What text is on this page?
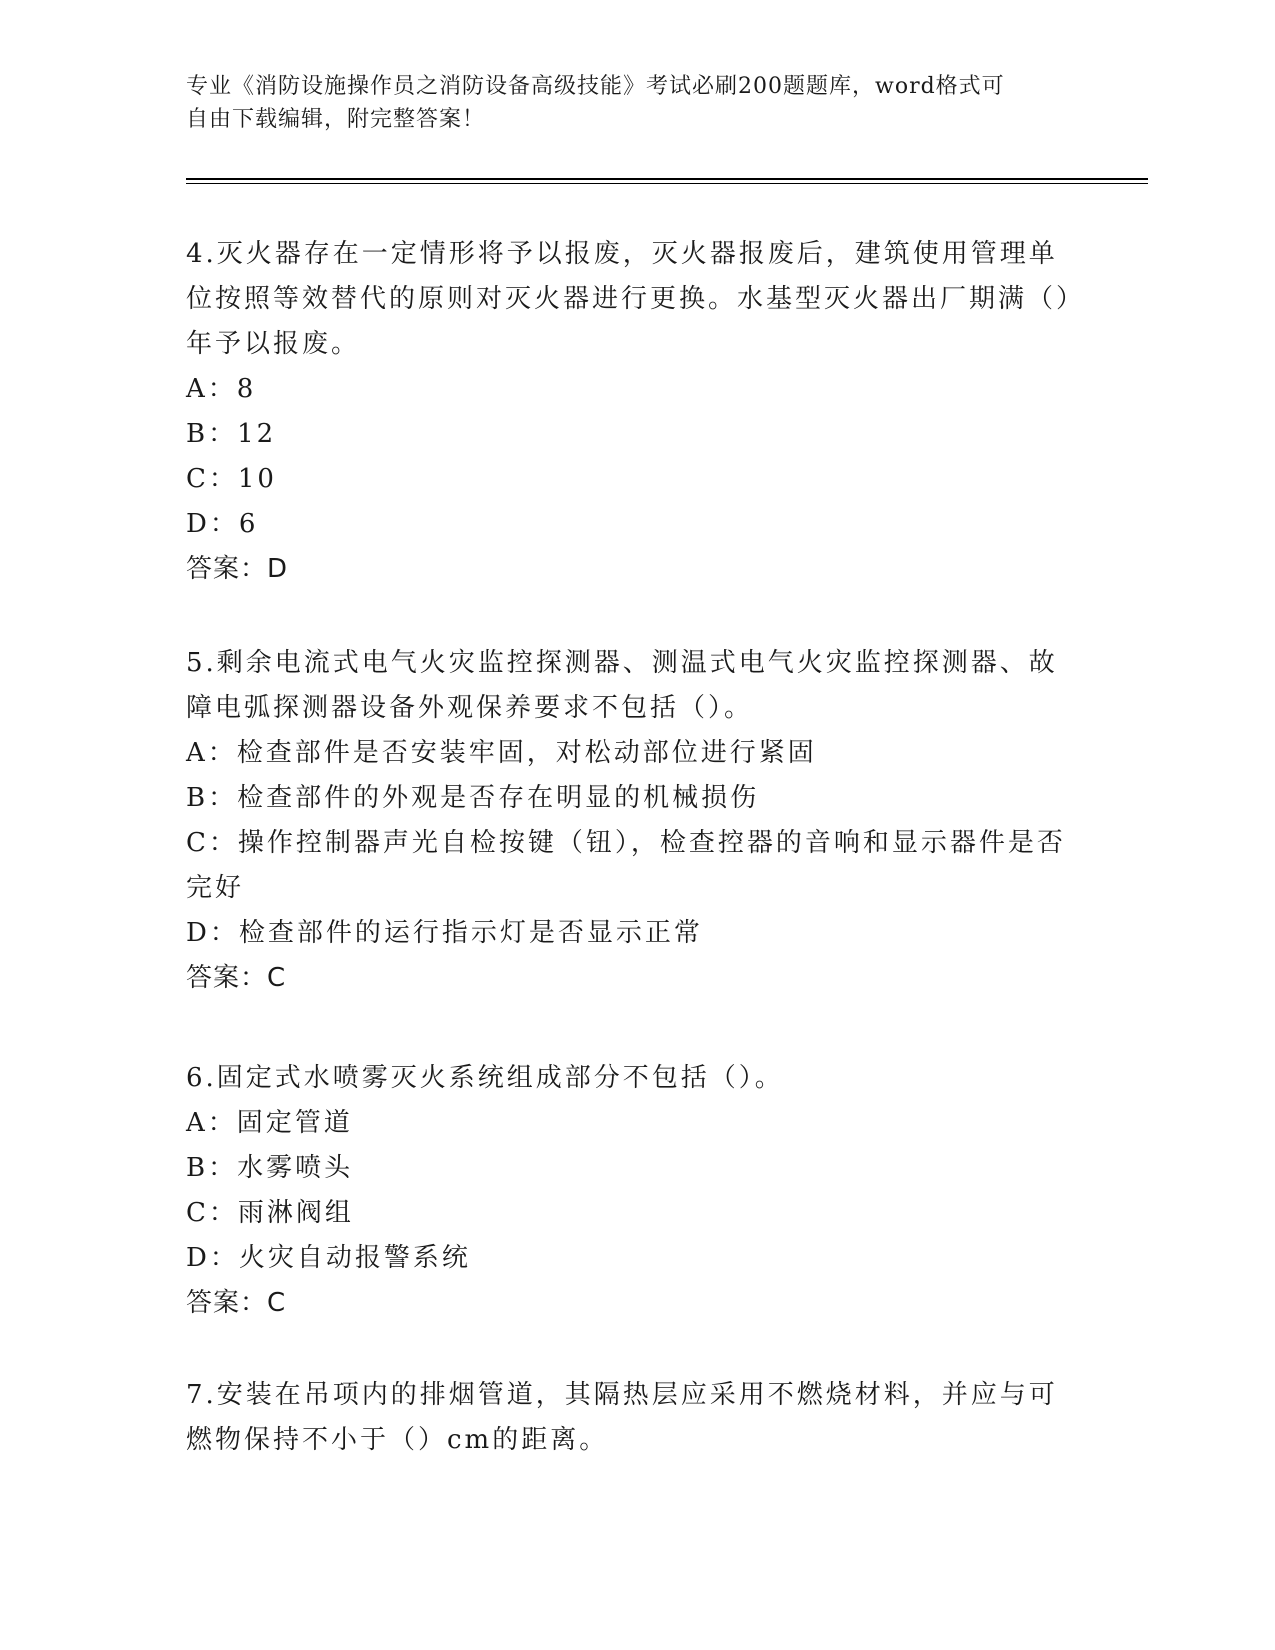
专业《消防设施操作员之消防设备高级技能》考试必刷200题题库，word格式可
自由下载编辑，附完整答案！

4.灭火器存在一定情形将予以报废，灭火器报废后，建筑使用管理单位按照等效替代的原则对灭火器进行更换。水基型灭火器出厂期满（）年予以报废。

A：8

B：12

C：10

D：6

答案：D

5.剩余电流式电气火灾监控探测器、测温式电气火灾监控探测器、故障电弧探测器设备外观保养要求不包括（）。

A：检查部件是否安装牢固，对松动部位进行紧固

B：检查部件的外观是否存在明显的机械损伤

C：操作控制器声光自检按键（钮），检查控器的音响和显示器件是否完好

D：检查部件的运行指示灯是否显示正常

答案：C

6.固定式水喷雾灭火系统组成部分不包括（）。

A：固定管道

B：水雾喷头

C：雨淋阀组

D：火灾自动报警系统

答案：C

7.安装在吊项内的排烟管道，其隔热层应采用不燃烧材料，并应与可燃物保持不小于（）cm的距离。
